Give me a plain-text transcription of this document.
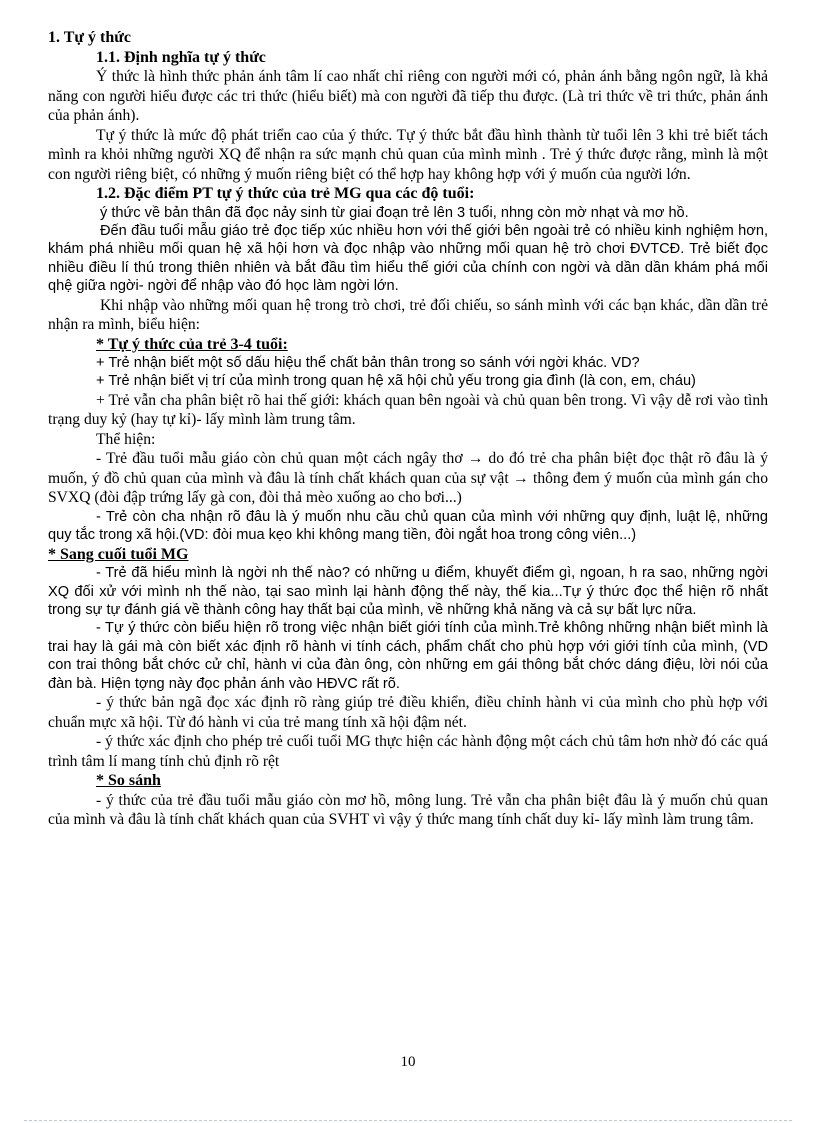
1. Tự ý thức

1.1. Định nghĩa tự ý thức

Ý thức là hình thức phản ánh tâm lí cao nhất chỉ riêng con người mới có, phản ánh bằng ngôn ngữ, là khả năng con người hiểu được các tri thức (hiểu biết) mà con người đã tiếp thu được. (Là tri thức về tri thức, phản ánh của phản ánh).

Tự ý thức là mức độ phát triển cao của ý thức. Tự ý thức bắt đầu hình thành từ tuổi lên 3 khi trẻ biết tách mình ra khỏi những người XQ để nhận ra sức mạnh chủ quan của mình mình . Trẻ ý thức được rằng, mình là một con người riêng biệt, có những ý muốn riêng biệt có thể hợp hay không hợp với ý muốn của người lớn.

1.2. Đặc điểm PT tự ý thức của trẻ MG qua các độ tuổi:

ý thức về bản thân đã đọc nảy sinh từ giai đoạn trẻ lên 3 tuổi, nhng còn mờ nhạt và mơ hồ.

Đến đầu tuổi mẫu giáo trẻ đọc tiếp xúc nhiều hơn với thế giới bên ngoài trẻ có nhiều kinh nghiệm hơn, khám phá nhiều mối quan hệ xã hội hơn và đọc nhập vào những mối quan hệ trò chơi ĐVTCĐ. Trẻ biết đọc nhiều điều lí thú trong thiên nhiên và bắt đầu tìm hiểu thế giới của chính con ngời và dần dần khám phá mối qhệ giữa ngời- ngời để nhập vào đó học làm ngời lớn.

Khi nhập vào những mối quan hệ trong trò chơi, trẻ đối chiếu, so sánh mình với các bạn khác, dần dần trẻ nhận ra mình, biểu hiện:

* Tự ý thức của trẻ 3-4 tuổi:

+ Trẻ nhận biết một số dấu hiệu thể chất bản thân trong so sánh với ngời khác. VD?

+ Trẻ nhận biết vị trí của mình trong quan hệ xã hội chủ yếu trong gia đình (là con, em, cháu)

+ Trẻ vẫn cha phân biệt rõ hai thế giới: khách quan bên ngoài và chủ quan bên trong. Vì vậy dễ rơi vào tình trạng duy kỷ (hay tự kỉ)- lấy mình làm trung tâm.

Thể hiện:

- Trẻ đầu tuổi mẫu giáo còn chủ quan một cách ngây thơ → do đó trẻ cha phân biệt đọc thật rõ đâu là ý muốn, ý đồ chủ quan của mình và đâu là tính chất khách quan của sự vật → thông đem ý muốn của mình gán cho SVXQ (đòi đập trứng lấy gà con, đòi thả mèo xuống ao cho bơi...)

- Trẻ còn cha nhận rõ đâu là ý muốn nhu cầu chủ quan của mình với những quy định, luật lệ, những quy tắc trong xã hội.(VD: đòi mua kẹo khi không mang tiền, đòi ngắt hoa trong công viên...)

* Sang cuối tuổi MG

- Trẻ đã hiểu mình là ngời nh thế nào? có những u điểm, khuyết điểm gì, ngoan, h ra sao, những ngời XQ đối xử với mình nh thế nào, tại sao mình lại hành động thế này, thế kia...Tự ý thức đọc thể hiện rõ nhất trong sự tự đánh giá về thành công hay thất bại của mình, về những khả năng và cả sự bất lực nữa.

- Tự ý thức còn biểu hiện rõ trong việc nhận biết giới tính của mình.Trẻ không những nhận biết mình là trai hay là gái mà còn biết xác định rõ hành vi tính cách, phẩm chất cho phù hợp với giới tính của mình, (VD con trai thông bắt chớc cử chỉ, hành vi của đàn ông, còn những em gái thông bắt chớc dáng điệu, lời nói của đàn bà. Hiện tợng này đọc phản ánh vào HĐVC rất rõ.

- ý thức bản ngã đọc xác định rõ ràng giúp trẻ điều khiển, điều chỉnh hành vi của mình cho phù hợp với chuẩn mực xã hội. Từ đó hành vi của trẻ mang tính xã hội đậm nét.

- ý thức xác định cho phép trẻ cuối tuổi MG thực hiện các hành động một cách chủ tâm hơn nhờ đó các quá trình tâm lí mang tính chủ định rõ rệt

* So sánh

- ý thức của trẻ đầu tuổi mẫu giáo còn mơ hồ, mông lung. Trẻ vẫn cha phân biệt đâu là ý muốn chủ quan của mình và đâu là tính chất khách quan của SVHT vì vậy ý thức mang tính chất duy kỉ- lấy mình làm trung tâm.

10
